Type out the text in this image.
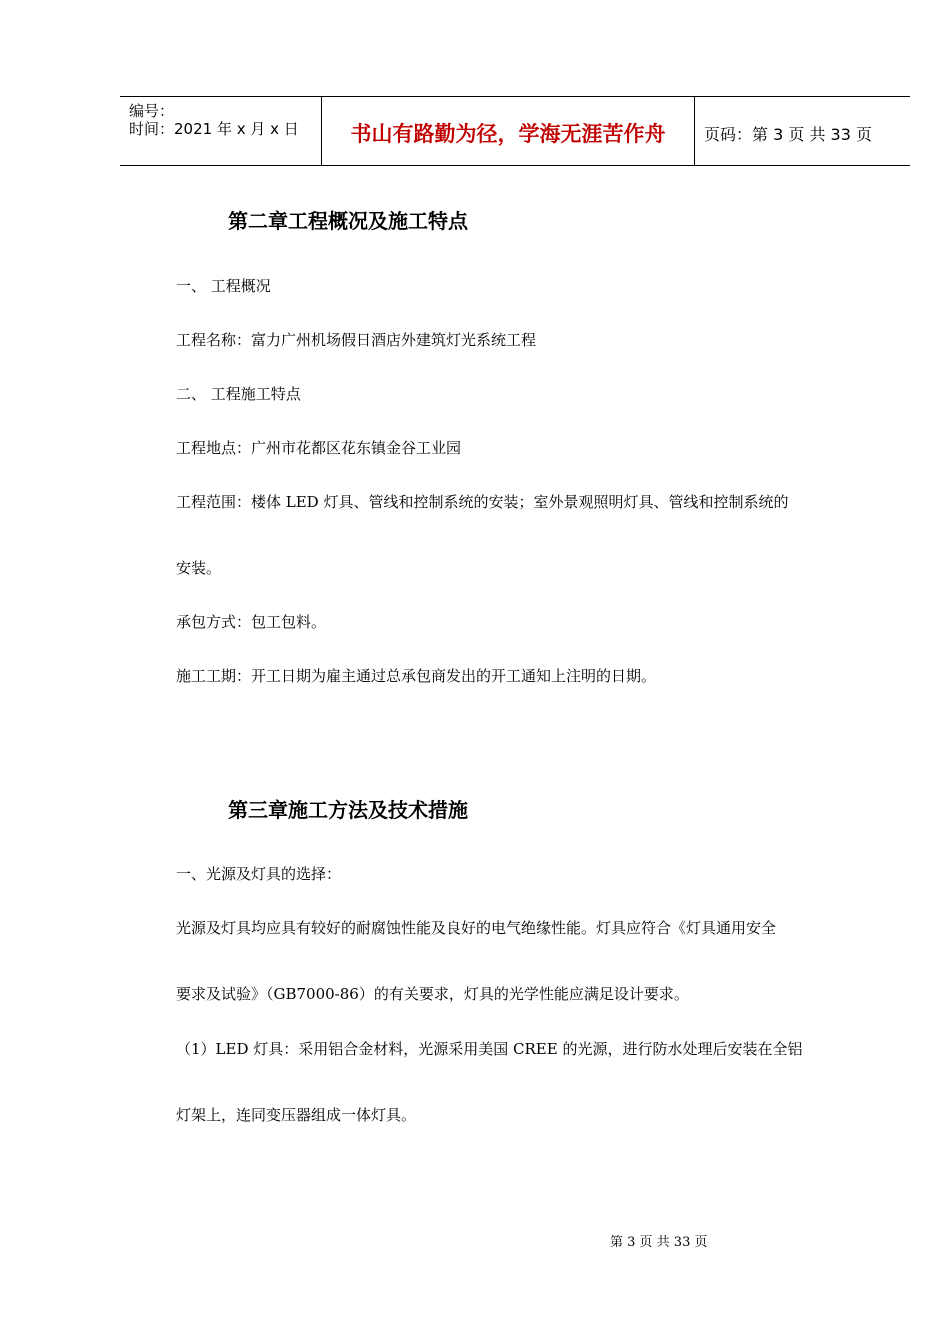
编号：
时间：2021 年 x 月 x 日	书山有路勤为径，学海无涯苦作舟	页码：第 3 页 共 33 页
第二章工程概况及施工特点
一、 工程概况
工程名称：富力广州机场假日酒店外建筑灯光系统工程
二、 工程施工特点
工程地点：广州市花都区花东镇金谷工业园
工程范围：楼体 LED 灯具、管线和控制系统的安装；室外景观照明灯具、管线和控制系统的
安装。
承包方式：包工包料。
施工工期：开工日期为雇主通过总承包商发出的开工通知上注明的日期。
第三章施工方法及技术措施
一、光源及灯具的选择：
光源及灯具均应具有较好的耐腐蚀性能及良好的电气绝缘性能。灯具应符合《灯具通用安全
要求及试验》（GB7000-86）的有关要求，灯具的光学性能应满足设计要求。
（1）LED 灯具：采用铝合金材料，光源采用美国 CREE 的光源，进行防水处理后安装在全铝
灯架上，连同变压器组成一体灯具。
第 3 页 共 33 页
